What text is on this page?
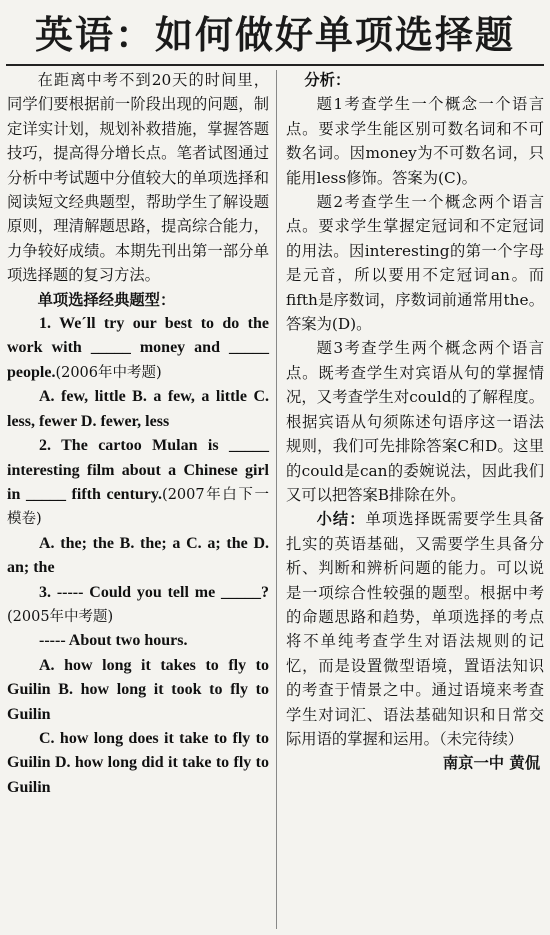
英语：如何做好单项选择题

在距离中考不到20天的时间里，同学们要根据前一阶段出现的问题，制定详实计划，规划补救措施，掌握答题技巧，提高得分增长点。笔者试图通过分析中考试题中分值较大的单项选择和阅读短文经典题型，帮助学生了解设题原则，理清解题思路，提高综合能力，力争较好成绩。本期先刊出第一部分单项选择题的复习方法。

单项选择经典题型：

1. We´ll try our best to do the work with _____ money and _____ people.(2006年中考题)

A. few, little B. a few, a little C. less, fewer D. fewer, less

2. The cartoo Mulan is _____ interesting film about a Chinese girl in _____ fifth century.(2007年白下一模卷)

A. the; the B. the; a C. a; the D. an; the

3. ----- Could you tell me _____? (2005年中考题)

----- About two hours.

A. how long it takes to fly to Guilin B. how long it took to fly to Guilin

C. how long does it take to fly to Guilin D. how long did it take to fly to Guilin

分析：

题1考查学生一个概念一个语言点。要求学生能区别可数名词和不可数名词。因money为不可数名词，只能用less修饰。答案为(C)。

题2考查学生一个概念两个语言点。要求学生掌握定冠词和不定冠词的用法。因interesting的第一个字母是元音，所以要用不定冠词an。而fifth是序数词，序数词前通常用the。答案为(D)。

题3考查学生两个概念两个语言点。既考查学生对宾语从句的掌握情况，又考查学生对could的了解程度。根据宾语从句须陈述句语序这一语法规则，我们可先排除答案C和D。这里的could是can的委婉说法，因此我们又可以把答案B排除在外。

小结：单项选择既需要学生具备扎实的英语基础，又需要学生具备分析、判断和辨析问题的能力。可以说是一项综合性较强的题型。根据中考的命题思路和趋势，单项选择的考点将不单纯考查学生对语法规则的记忆，而是设置微型语境，置语法知识的考查于情景之中。通过语境来考查学生对词汇、语法基础知识和日常交际用语的掌握和运用。（未完待续）

南京一中 黄侃
